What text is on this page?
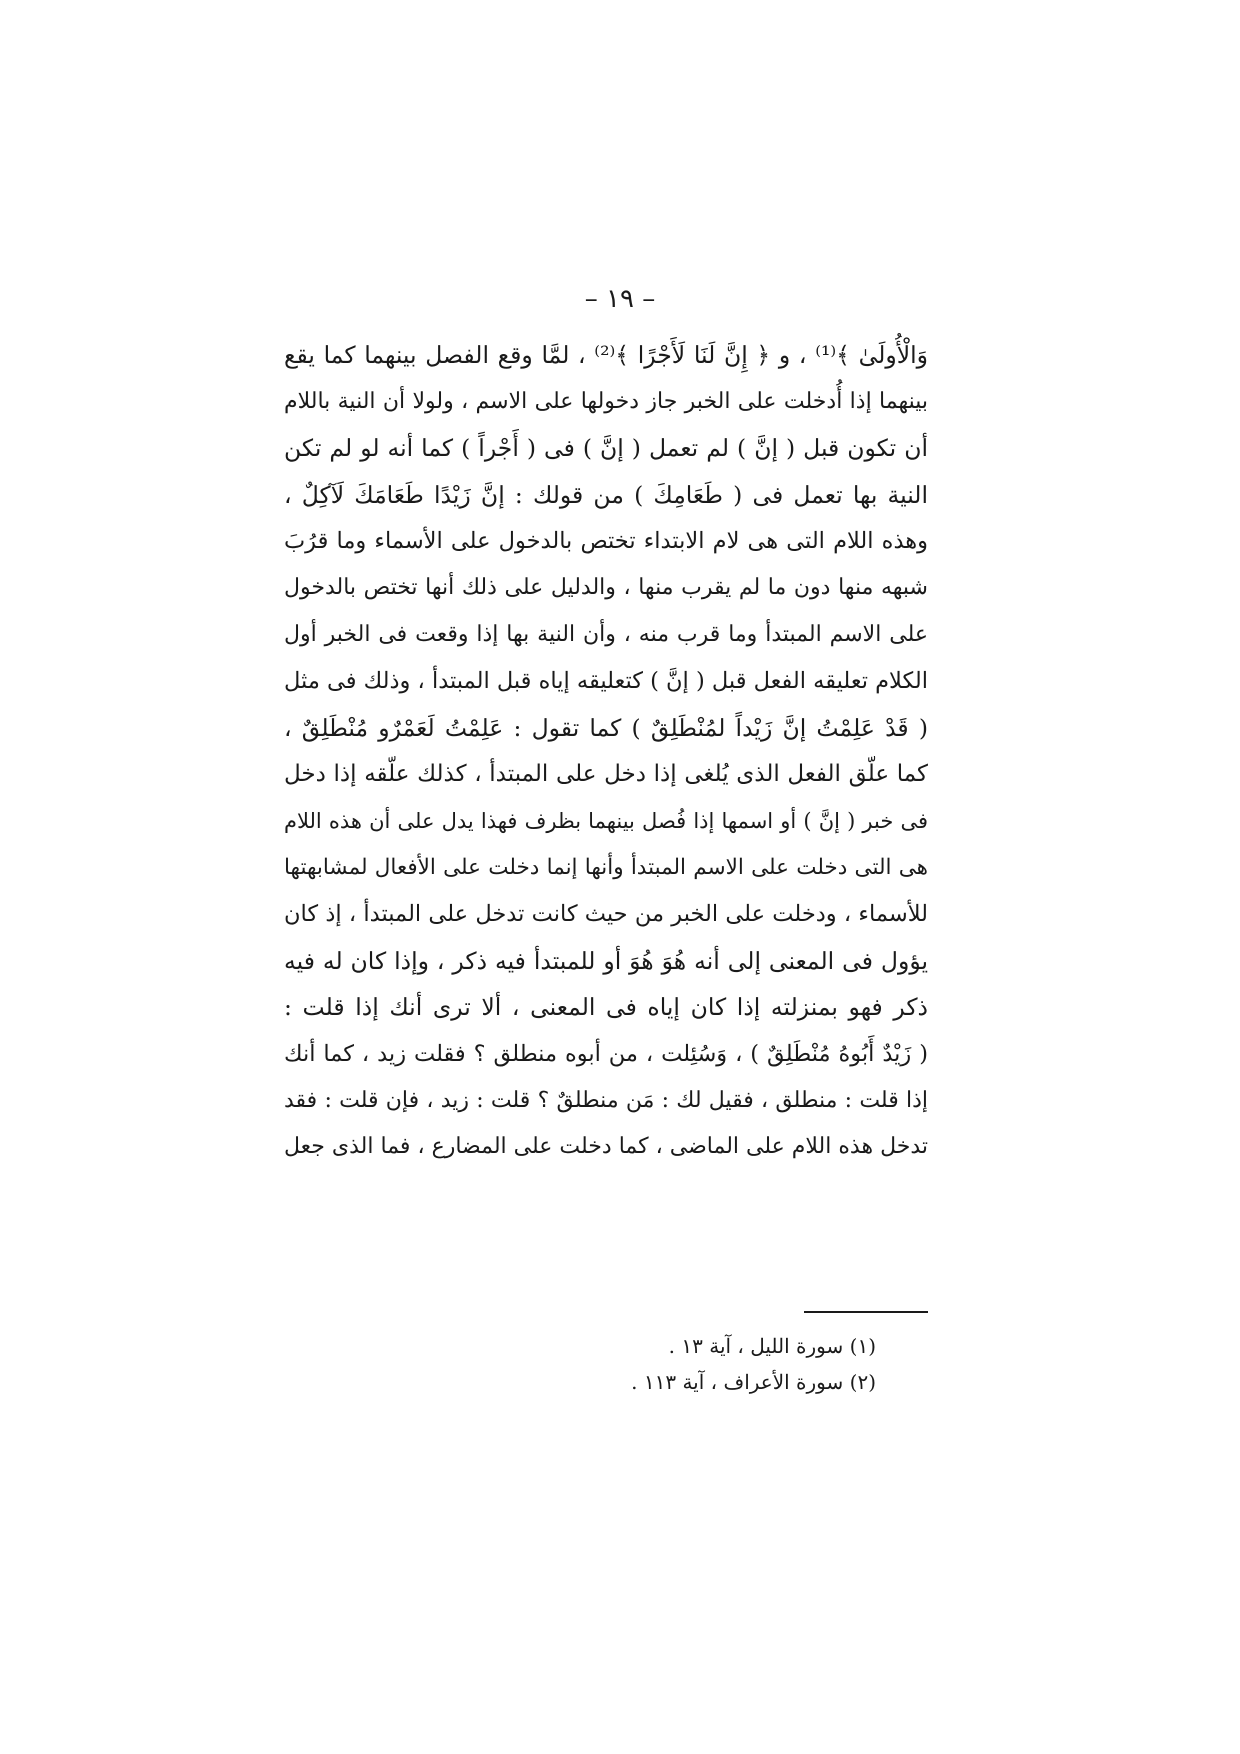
– ١٩ –
وَالْأُولَىٰ ﴾⁽¹⁾ ، و ﴿ إِنَّ لَنَا لَأَجْرًا ﴾⁽²⁾ ، لمَّا وقع الفصل بينهما كما يقع
بينهما إذا أُدخلت على الخبر جاز دخولها على الاسم ، ولولا أن النية باللام
أن تكون قبل ( إنَّ ) لم تعمل ( إنَّ ) فى ( أَجْراً ) كما أنه لو لم تكن
النية بها تعمل فى ( طَعَامِكَ ) من قولك : إنَّ زَيْدًا طَعَامَكَ لَآكِلٌ ،
وهذه اللام التى هى لام الابتداء تختص بالدخول على الأسماء وما قرُبَ
شبهه منها دون ما لم يقرب منها ، والدليل على ذلك أنها تختص بالدخول
على الاسم المبتدأ وما قرب منه ، وأن النية بها إذا وقعت فى الخبر أول
الكلام تعليقه الفعل قبل ( إنَّ ) كتعليقه إياه قبل المبتدأ ، وذلك فى مثل
( قَدْ عَلِمْتُ إنَّ زَيْداً لمُنْطَلِقٌ ) كما تقول : عَلِمْتُ لَعَمْرٌو مُنْطَلِقٌ ،
كما علّق الفعل الذى يُلغى إذا دخل على المبتدأ ، كذلك علّقه إذا دخل
فى خبر ( إنَّ ) أو اسمها إذا فُصل بينهما بظرف فهذا يدل على أن هذه اللام
هى التى دخلت على الاسم المبتدأ وأنها إنما دخلت على الأفعال لمشابهتها
للأسماء ، ودخلت على الخبر من حيث كانت تدخل على المبتدأ ، إذ كان
يؤول فى المعنى إلى أنه هُوَ هُوَ أو للمبتدأ فيه ذكر ، وإذا كان له فيه
ذكر فهو بمنزلته إذا كان إياه فى المعنى ، ألا ترى أنك إذا قلت :
( زَيْدٌ أَبُوهُ مُنْطَلِقٌ ) ، وَسُئِلت ، من أبوه منطلق ؟ فقلت زيد ، كما أنك
إذا قلت : منطلق ، فقيل لك : مَن منطلقٌ ؟ قلت : زيد ، فإن قلت : فقد
تدخل هذه اللام على الماضى ، كما دخلت على المضارع ، فما الذى جعل
(١) سورة الليل ، آية ١٣ .
(٢) سورة الأعراف ، آية ١١٣ .
